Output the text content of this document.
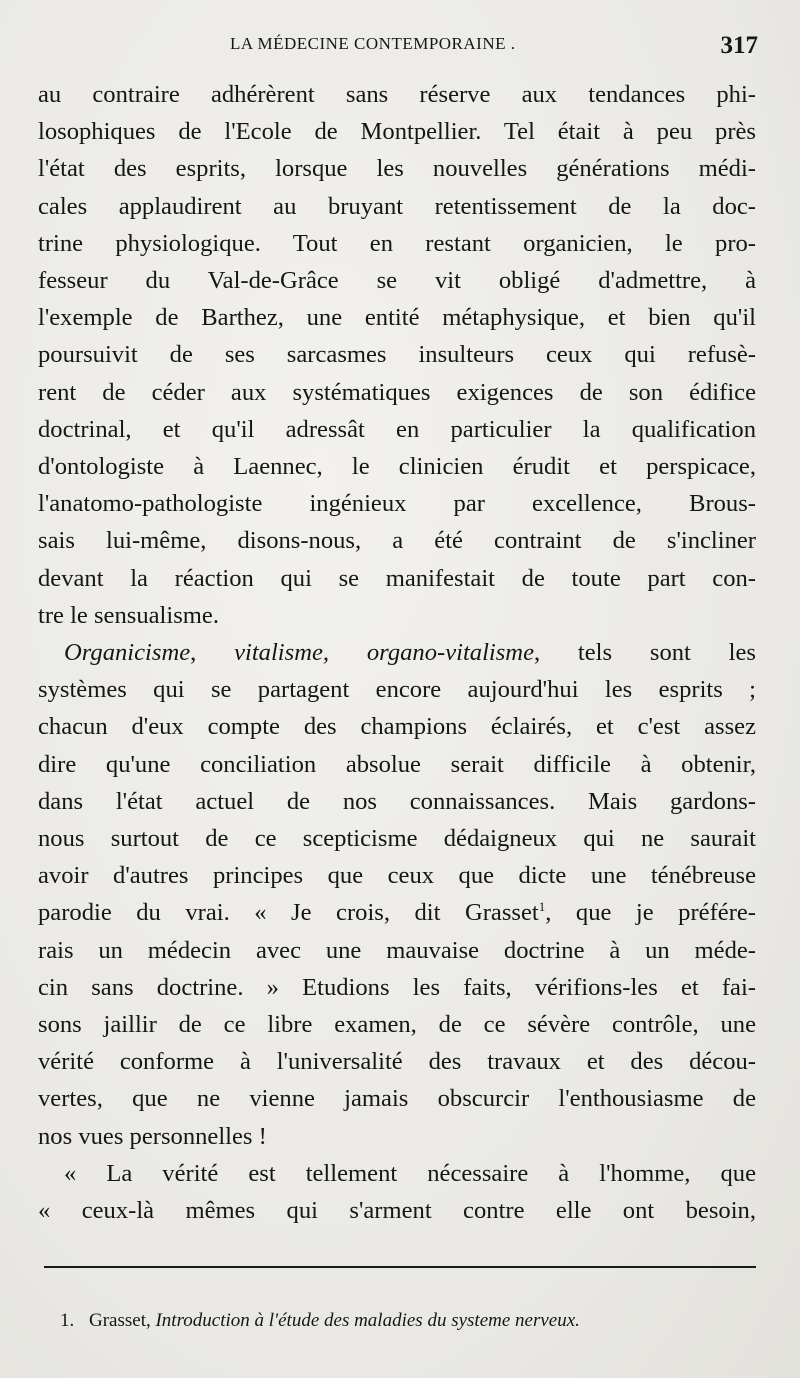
LA MÉDECINE CONTEMPORAINE .	317
au contraire adhérèrent sans réserve aux tendances phi-
losophiques de l'Ecole de Montpellier. Tel était à peu près
l'état des esprits, lorsque les nouvelles générations médi-
cales applaudirent au bruyant retentissement de la doc-
trine physiologique. Tout en restant organicien, le pro-
fesseur du Val-de-Grâce se vit obligé d'admettre, à
l'exemple de Barthez, une entité métaphysique, et bien qu'il
poursuivit de ses sarcasmes insulteurs ceux qui refusè-
rent de céder aux systématiques exigences de son édifice
doctrinal, et qu'il adressât en particulier la qualification
d'ontologiste à Laennec, le clinicien érudit et perspicace,
l'anatomo-pathologiste ingénieux par excellence, Brous-
sais lui-même, disons-nous, a été contraint de s'incliner
devant la réaction qui se manifestait de toute part con-
tre le sensualisme.
Organicisme, vitalisme, organo-vitalisme, tels sont les
systèmes qui se partagent encore aujourd'hui les esprits ;
chacun d'eux compte des champions éclairés, et c'est assez
dire qu'une conciliation absolue serait difficile à obtenir,
dans l'état actuel de nos connaissances. Mais gardons-
nous surtout de ce scepticisme dédaigneux qui ne saurait
avoir d'autres principes que ceux que dicte une ténébreuse
parodie du vrai. « Je crois, dit Grasset$^1$, que je préfére-
rais un médecin avec une mauvaise doctrine à un méde-
cin sans doctrine. » Etudions les faits, vérifions-les et fai-
sons jaillir de ce libre examen, de ce sévère contrôle, une
vérité conforme à l'universalité des travaux et des décou-
vertes, que ne vienne jamais obscurcir l'enthousiasme de
nos vues personnelles !
« La vérité est tellement nécessaire à l'homme, que
« ceux-là mêmes qui s'arment contre elle ont besoin,
1. Grasset, Introduction à l'étude des maladies du systeme nerveux.
